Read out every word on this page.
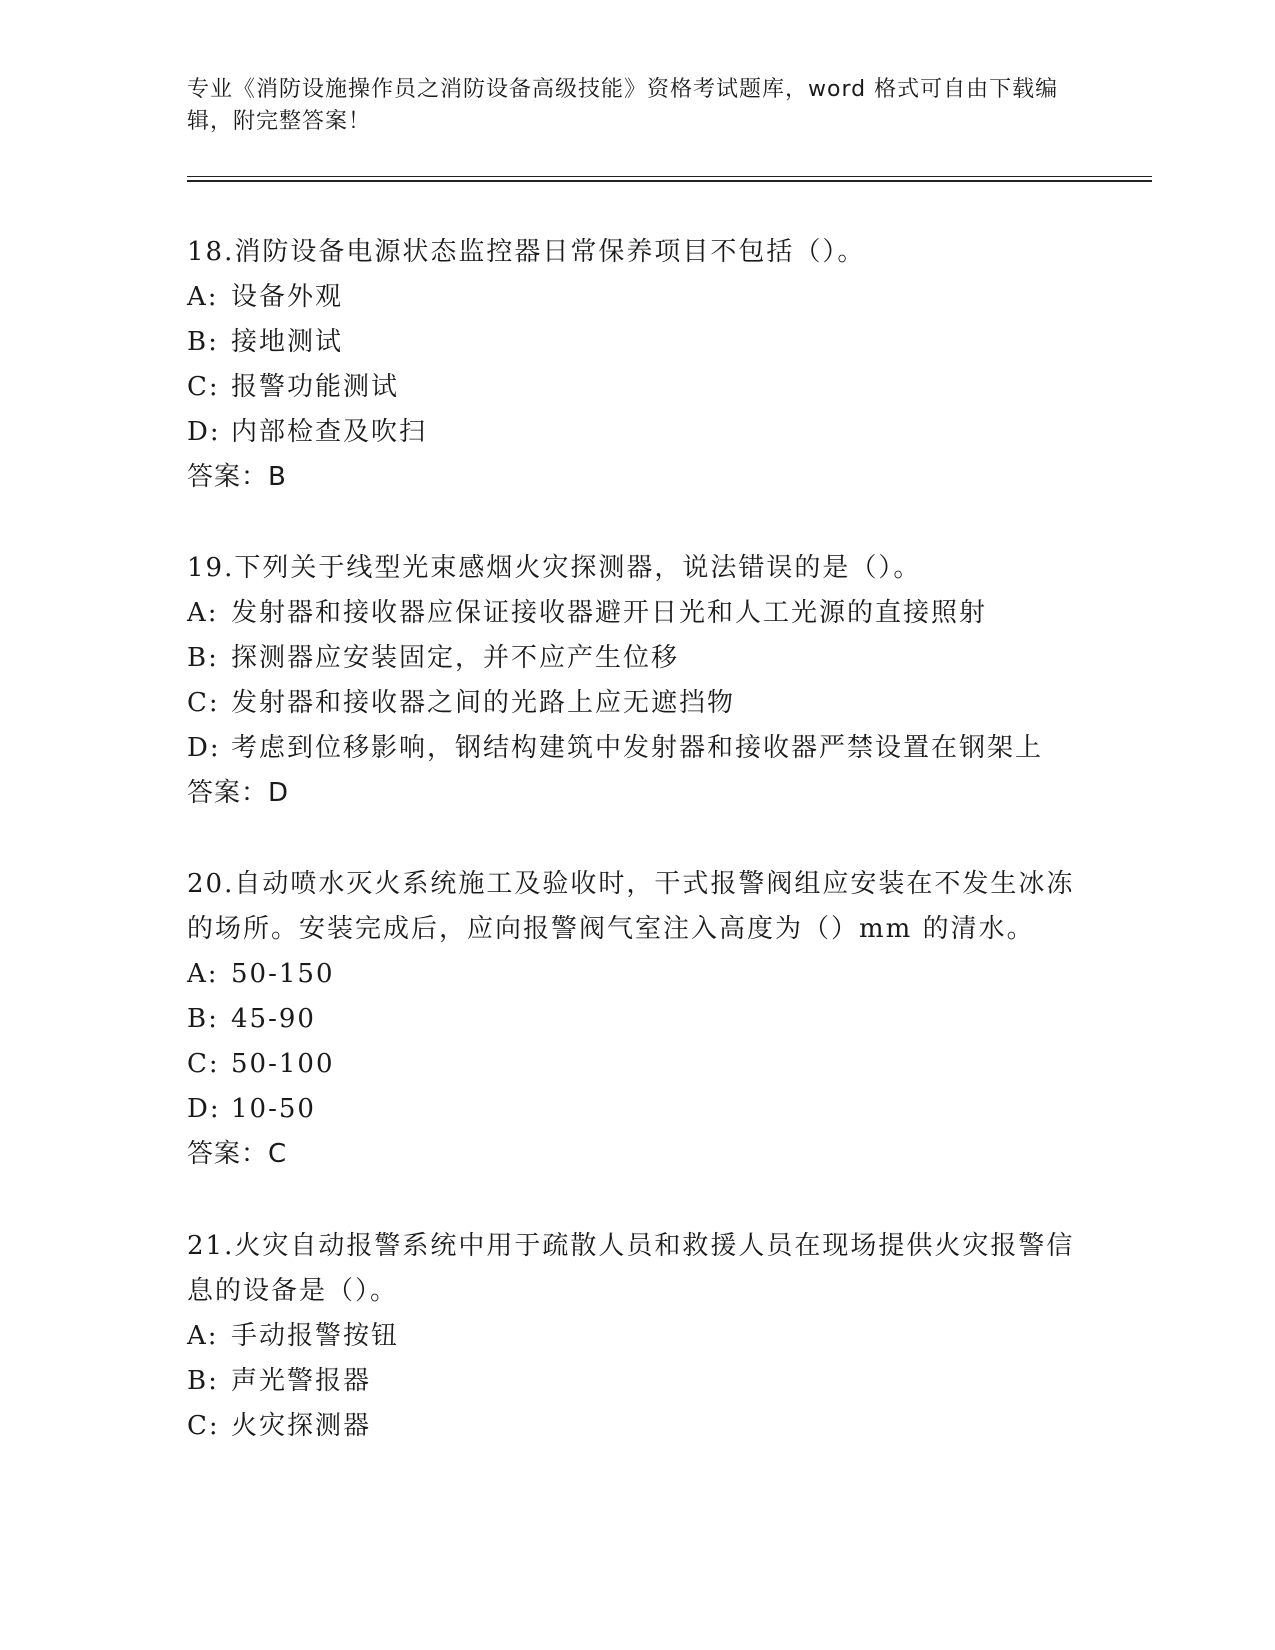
专业《消防设施操作员之消防设备高级技能》资格考试题库，word 格式可自由下载编辑，附完整答案！

18.消防设备电源状态监控器日常保养项目不包括（）。

A: 设备外观

B: 接地测试

C: 报警功能测试

D: 内部检查及吹扫

答案：B

19.下列关于线型光束感烟火灾探测器，说法错误的是（）。

A: 发射器和接收器应保证接收器避开日光和人工光源的直接照射

B: 探测器应安装固定，并不应产生位移

C: 发射器和接收器之间的光路上应无遮挡物

D: 考虑到位移影响，钢结构建筑中发射器和接收器严禁设置在钢架上

答案：D

20.自动喷水灭火系统施工及验收时，干式报警阀组应安装在不发生冰冻的场所。安装完成后，应向报警阀气室注入高度为（）mm 的清水。

A: 50-150

B: 45-90

C: 50-100

D: 10-50

答案：C

21.火灾自动报警系统中用于疏散人员和救援人员在现场提供火灾报警信息的设备是（）。

A: 手动报警按钮

B: 声光警报器

C: 火灾探测器
